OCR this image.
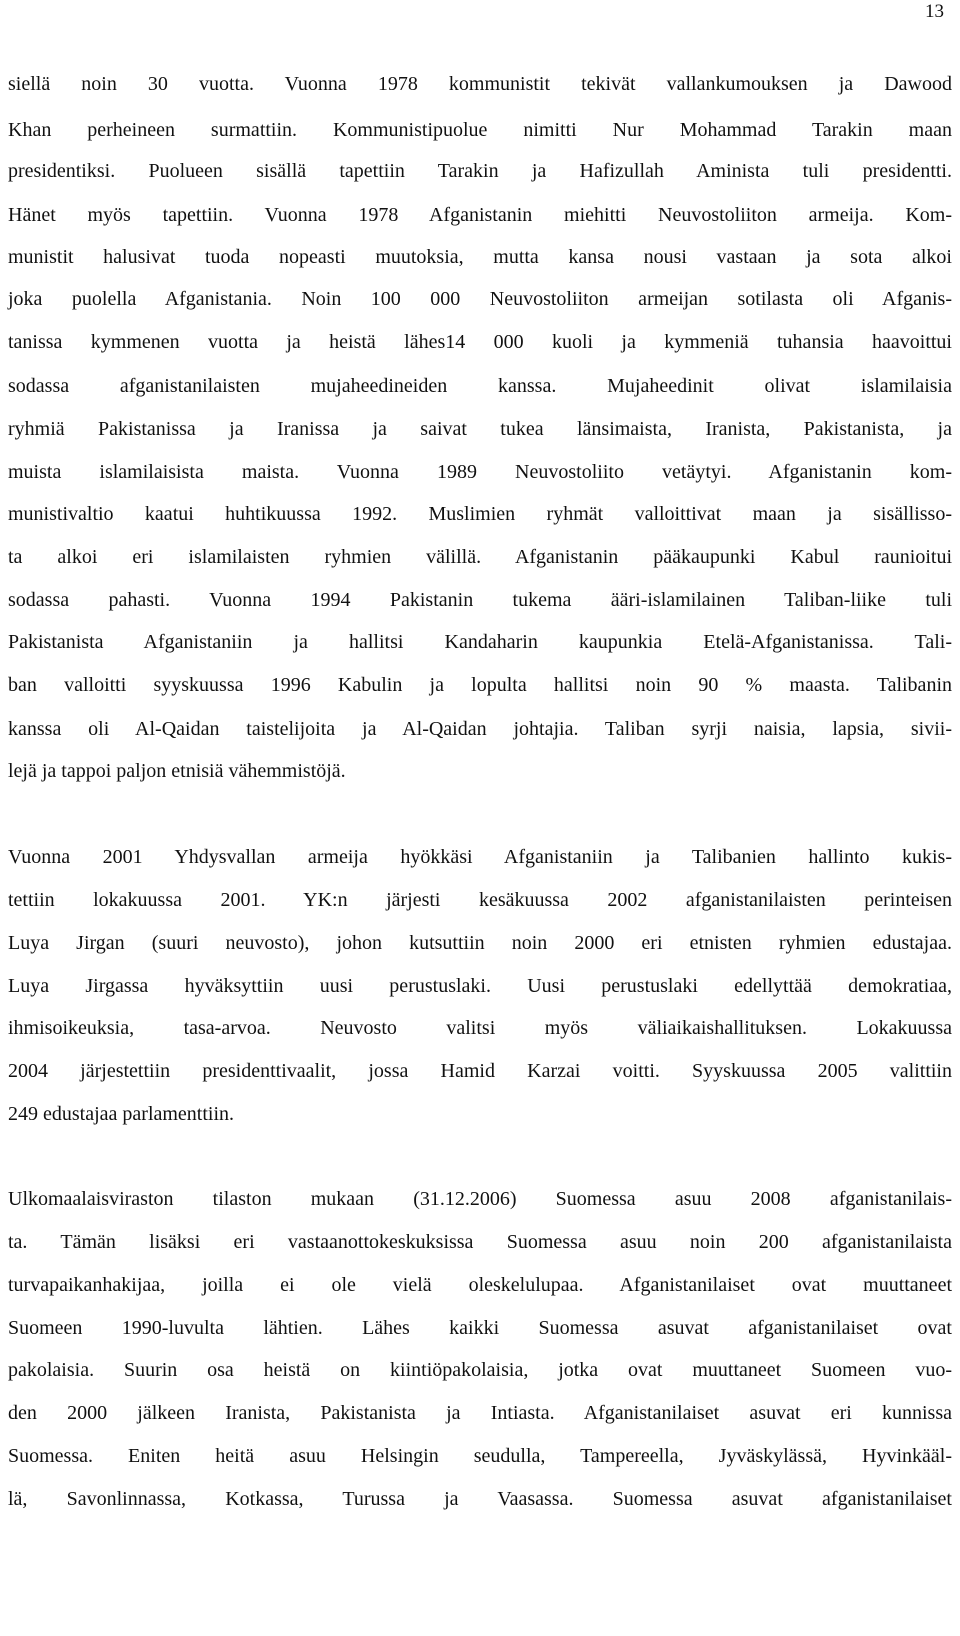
13
siellä noin 30 vuotta. Vuonna 1978 kommunistit tekivät vallankumouksen ja Dawood
Khan perheineen surmattiin. Kommunistipuolue nimitti Nur Mohammad Tarakin maan
presidentiksi. Puolueen sisällä tapettiin Tarakin ja Hafizullah Aminista tuli presidentti.
Hänet myös tapettiin. Vuonna 1978 Afganistanin miehitti Neuvostoliiton armeija. Kom-
munistit halusivat tuoda nopeasti muutoksia, mutta kansa nousi vastaan ja sota alkoi
joka puolella Afganistania. Noin 100 000 Neuvostoliiton armeijan sotilasta oli Afganis-
tanissa kymmenen vuotta ja heistä lähes14 000 kuoli ja kymmeniä tuhansia haavoittui
sodassa afganistanilaisten mujaheedineiden kanssa. Mujaheedinit olivat islamilaisia
ryhmiä Pakistanissa ja Iranissa ja saivat tukea länsimaista, Iranista, Pakistanista, ja
muista islamilaisista maista. Vuonna 1989 Neuvostoliito vetäytyi. Afganistanin kom-
munistivaltio kaatui huhtikuussa 1992. Muslimien ryhmät valloittivat maan ja sisällisso-
ta alkoi eri islamilaisten ryhmien välillä. Afganistanin pääkaupunki Kabul raunioitui
sodassa pahasti. Vuonna 1994 Pakistanin tukema ääri-islamilainen Taliban-liike tuli
Pakistanista Afganistaniin ja hallitsi Kandaharin kaupunkia Etelä-Afganistanissa. Tali-
ban valloitti syyskuussa 1996 Kabulin ja lopulta hallitsi noin 90 % maasta. Talibanin
kanssa oli Al-Qaidan taistelijoita ja Al-Qaidan johtajia. Taliban syrji naisia, lapsia, sivii-
lejä ja tappoi paljon etnisiä vähemmistöjä.
Vuonna 2001 Yhdysvallan armeija hyökkäsi Afganistaniin ja Talibanien hallinto kukis-
tettiin lokakuussa 2001. YK:n järjesti kesäkuussa 2002 afganistanilaisten perinteisen
Luya Jirgan (suuri neuvosto), johon kutsuttiin noin 2000 eri etnisten ryhmien edustajaa.
Luya Jirgassa hyväksyttiin uusi perustuslaki. Uusi perustuslaki edellyttää demokratiaa,
ihmisoikeuksia, tasa-arvoa. Neuvosto valitsi myös väliaikaishallituksen. Lokakuussa
2004 järjestettiin presidenttivaalit, jossa Hamid Karzai voitti. Syyskuussa 2005 valittiin
249 edustajaa parlamenttiin.
Ulkomaalaisviraston tilaston mukaan (31.12.2006) Suomessa asuu 2008 afganistanilais-
ta. Tämän lisäksi eri vastaanottokeskuksissa Suomessa asuu noin 200 afganistanilaista
turvapaikanhakijaa, joilla ei ole vielä oleskelulupaa. Afganistanilaiset ovat muuttaneet
Suomeen 1990-luvulta lähtien. Lähes kaikki Suomessa asuvat afganistanilaiset ovat
pakolaisia. Suurin osa heistä on kiintiöpakolaisia, jotka ovat muuttaneet Suomeen vuo-
den 2000 jälkeen Iranista, Pakistanista ja Intiasta. Afganistanilaiset asuvat eri kunnissa
Suomessa. Eniten heitä asuu Helsingin seudulla, Tampereella, Jyväskylässä, Hyvinkääl-
lä, Savonlinnassa, Kotkassa, Turussa ja Vaasassa. Suomessa asuvat afganistanilaiset
